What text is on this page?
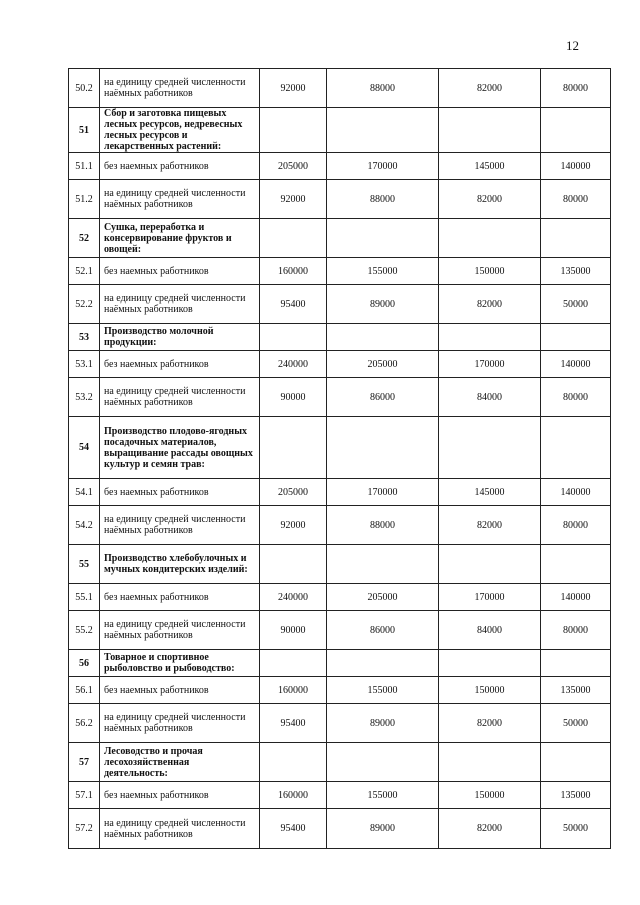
12
50.2	на единицу средней численности наёмных работников	92000	88000	82000	80000
51	Сбор и заготовка пищевых лесных ресурсов, недревесных лесных ресурсов и лекарственных растений:				
51.1	без наемных работников	205000	170000	145000	140000
51.2	на единицу средней численности наёмных работников	92000	88000	82000	80000
52	Сушка, переработка и консервирование фруктов и овощей:				
52.1	без наемных работников	160000	155000	150000	135000
52.2	на единицу средней численности наёмных работников	95400	89000	82000	50000
53	Производство молочной продукции:				
53.1	без наемных работников	240000	205000	170000	140000
53.2	на единицу средней численности наёмных работников	90000	86000	84000	80000
54	Производство плодово-ягодных посадочных материалов, выращивание рассады овощных культур и семян трав:				
54.1	без наемных работников	205000	170000	145000	140000
54.2	на единицу средней численности наёмных работников	92000	88000	82000	80000
55	Производство хлебобулочных и мучных кондитерских изделий:				
55.1	без наемных работников	240000	205000	170000	140000
55.2	на единицу средней численности наёмных работников	90000	86000	84000	80000
56	Товарное и спортивное рыболовство и рыбоводство:				
56.1	без наемных работников	160000	155000	150000	135000
56.2	на единицу средней численности наёмных работников	95400	89000	82000	50000
57	Лесоводство и прочая лесохозяйственная деятельность:				
57.1	без наемных работников	160000	155000	150000	135000
57.2	на единицу средней численности наёмных работников	95400	89000	82000	50000
